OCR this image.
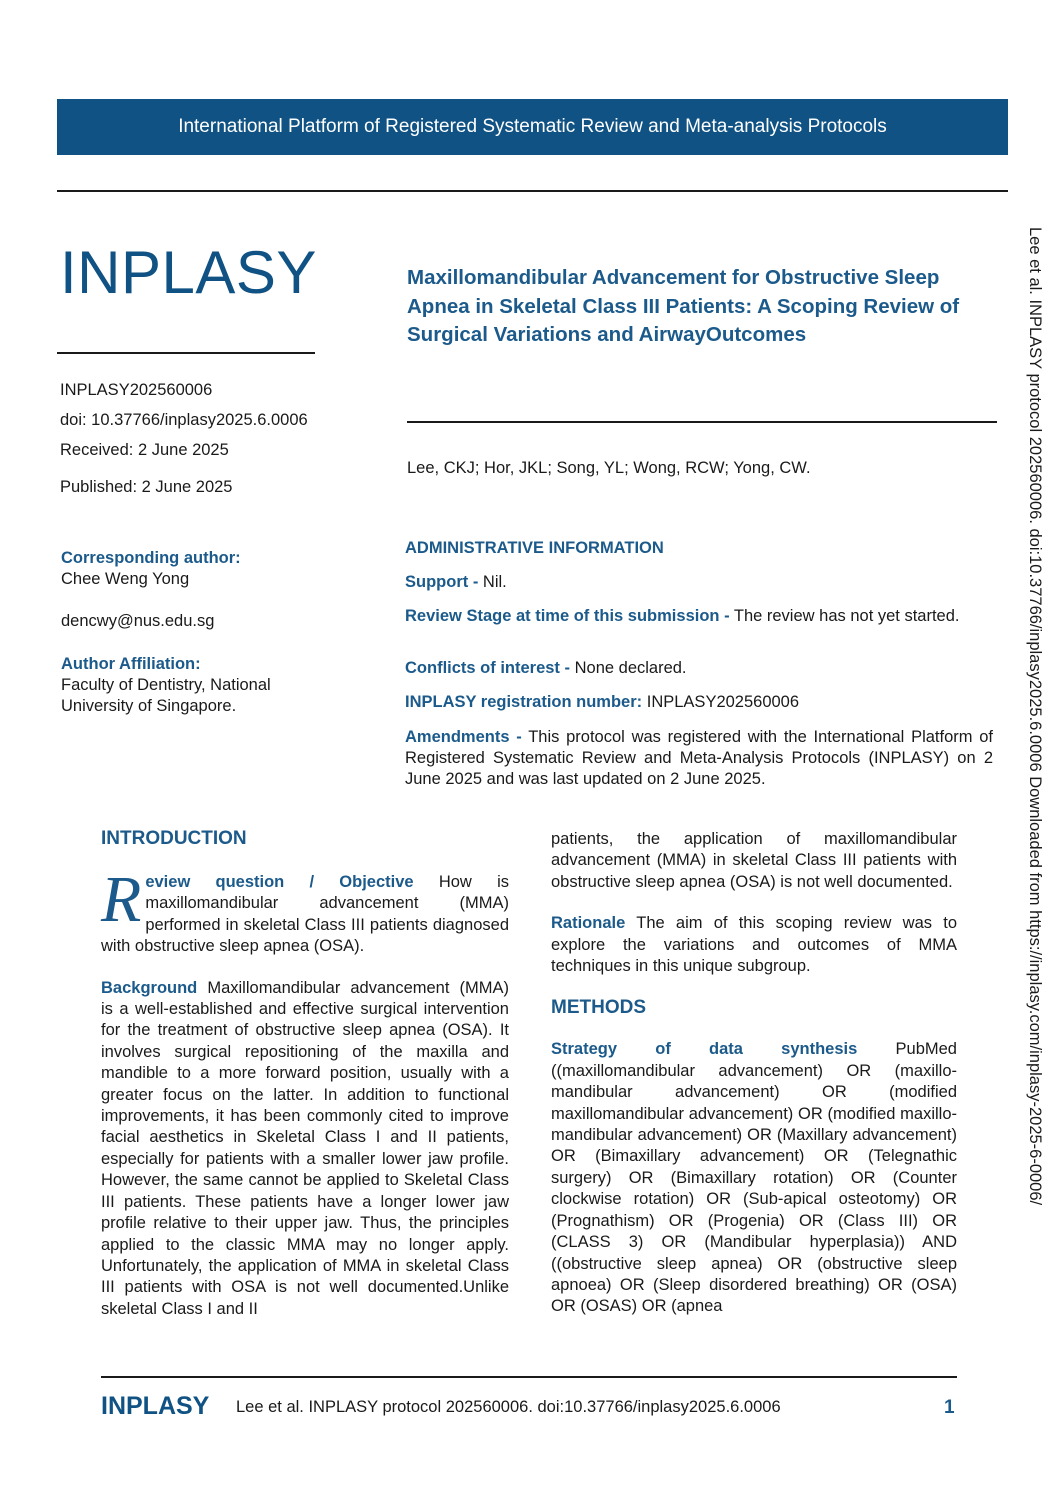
International Platform of Registered Systematic Review and Meta-analysis Protocols
INPLASY	Maxillomandibular Advancement for Obstructive Sleep Apnea in Skeletal Class III Patients: A Scoping Review of Surgical Variations and AirwayOutcomes
INPLASY202560006
doi: 10.37766/inplasy2025.6.0006
Received: 2 June 2025
Published: 2 June 2025
Lee, CKJ; Hor, JKL; Song, YL; Wong, RCW; Yong, CW.
Corresponding author:
Chee Weng Yong
dencwy@nus.edu.sg
Author Affiliation:
Faculty of Dentistry, National University of Singapore.
ADMINISTRATIVE INFORMATION
Support - Nil.
Review Stage at time of this submission - The review has not yet started.
Conflicts of interest - None declared.
INPLASY registration number: INPLASY202560006
Amendments - This protocol was registered with the International Platform of Registered Systematic Review and Meta-Analysis Protocols (INPLASY) on 2 June 2025 and was last updated on 2 June 2025.
INTRODUCTION
R eview question / Objective How is maxillomandibular advancement (MMA) performed in skeletal Class III patients diagnosed with obstructive sleep apnea (OSA).
Background Maxillomandibular advancement (MMA) is a well-established and effective surgical intervention for the treatment of obstructive sleep apnea (OSA). It involves surgical repositioning of the maxilla and mandible to a more forward position, usually with a greater focus on the latter. In addition to functional improvements, it has been commonly cited to improve facial aesthetics in Skeletal Class I and II patients, especially for patients with a smaller lower jaw profile. However, the same cannot be applied to Skeletal Class III patients. These patients have a longer lower jaw profile relative to their upper jaw. Thus, the principles applied to the classic MMA may no longer apply. Unfortunately, the application of MMA in skeletal Class III patients with OSA is not well documented.Unlike skeletal Class I and II
patients, the application of maxillomandibular advancement (MMA) in skeletal Class III patients with obstructive sleep apnea (OSA) is not well documented.
Rationale The aim of this scoping review was to explore the variations and outcomes of MMA techniques in this unique subgroup.
METHODS
Strategy of data synthesis PubMed ((maxillomandibular advancement) OR (maxillo-mandibular advancement) OR (modified maxillomandibular advancement) OR (modified maxillo-mandibular advancement) OR (Maxillary advancement) OR (Bimaxillary advancement) OR (Telegnathic surgery) OR (Bimaxillary rotation) OR (Counter clockwise rotation) OR (Sub-apical osteotomy) OR (Prognathism) OR (Progenia) OR (Class III) OR (CLASS 3) OR (Mandibular hyperplasia)) AND ((obstructive sleep apnea) OR (obstructive sleep apnoea) OR (Sleep disordered breathing) OR (OSA) OR (OSAS) OR (apnea
Lee et al. INPLASY protocol 202560006. doi:10.37766/inplasy2025.6.0006 Downloaded from https://inplasy.com/inplasy-2025-6-0006/
INPLASY Lee et al. INPLASY protocol 202560006. doi:10.37766/inplasy2025.6.0006	1
